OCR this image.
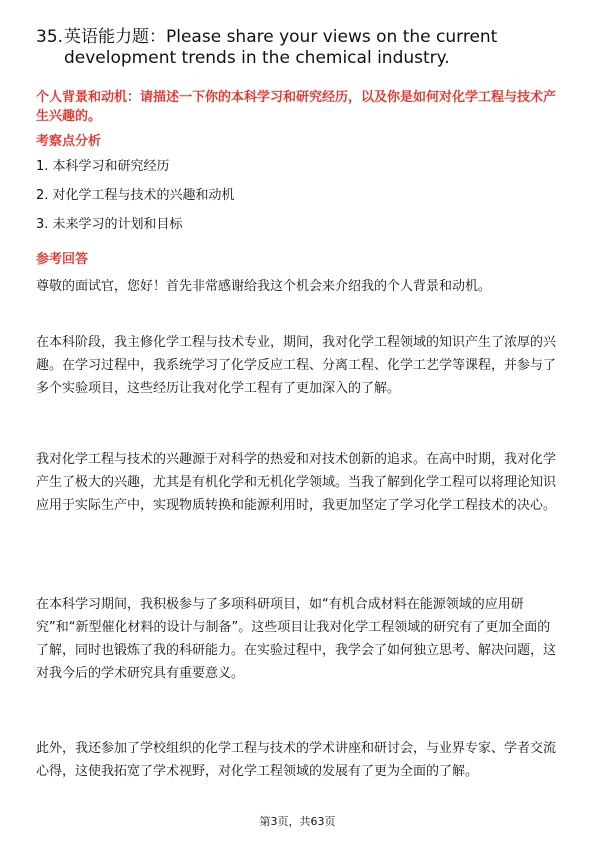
35. 英语能力题：Please share your views on the current development trends in the chemical industry.
个人背景和动机：请描述一下你的本科学习和研究经历，以及你是如何对化学工程与技术产生兴趣的。
考察点分析
1. 本科学习和研究经历
2. 对化学工程与技术的兴趣和动机
3. 未来学习的计划和目标
参考回答

尊敬的面试官，您好！首先非常感谢给我这个机会来介绍我的个人背景和动机。

在本科阶段，我主修化学工程与技术专业，期间，我对化学工程领域的知识产生了浓厚的兴趣。在学习过程中，我系统学习了化学反应工程、分离工程、化学工艺学等课程，并参与了多个实验项目，这些经历让我对化学工程有了更加深入的了解。

我对化学工程与技术的兴趣源于对科学的热爱和对技术创新的追求。在高中时期，我对化学产生了极大的兴趣，尤其是有机化学和无机化学领域。当我了解到化学工程可以将理论知识应用于实际生产中，实现物质转换和能源利用时，我更加坚定了学习化学工程技术的决心。

在本科学习期间，我积极参与了多项科研项目，如“有机合成材料在能源领域的应用研究”和“新型催化材料的设计与制备”。这些项目让我对化学工程领域的研究有了更加全面的了解，同时也锻炼了我的科研能力。在实验过程中，我学会了如何独立思考、解决问题，这对我今后的学术研究具有重要意义。

此外，我还参加了学校组织的化学工程与技术的学术讲座和研讨会，与业界专家、学者交流心得，这使我拓宽了学术视野，对化学工程领域的发展有了更为全面的了解。

第3页，共63页
